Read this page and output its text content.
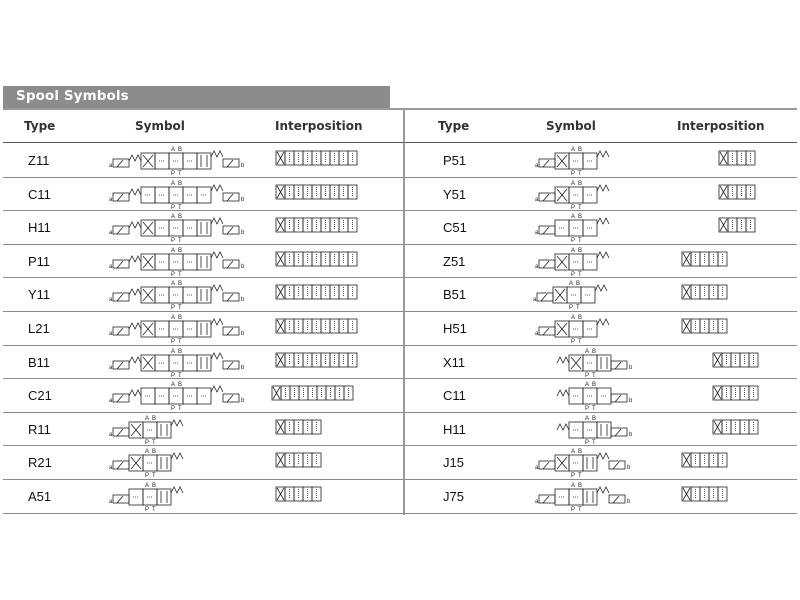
Spool Symbols
Type	Symbol	Interposition
Z11	a
A B
P T
b
C11	a
A B
P T
b
H11	a
A B
P T
b
P11	a
A B
P T
b
Y11	a
A B
P T
b
L21	a
A B
P T
b
B11	a
A B
P T
b
C21	a
A B
P T
b
R11	a
A B
P T
R21	a
A B
P T
A51	a
A B
P T
Type	Symbol	Interposition
P51	a
A B
P T
Y51	a
A B
P T
C51	a
A B
P T
Z51	a
A B
P T
B51	a
A B
P T
H51	a
A B
P T
X11
A B
P T
b
C11
A B
P T
b
H11
A B
P T
b
J15	a
A B
P T
b
J75	a
A B
P T
b
